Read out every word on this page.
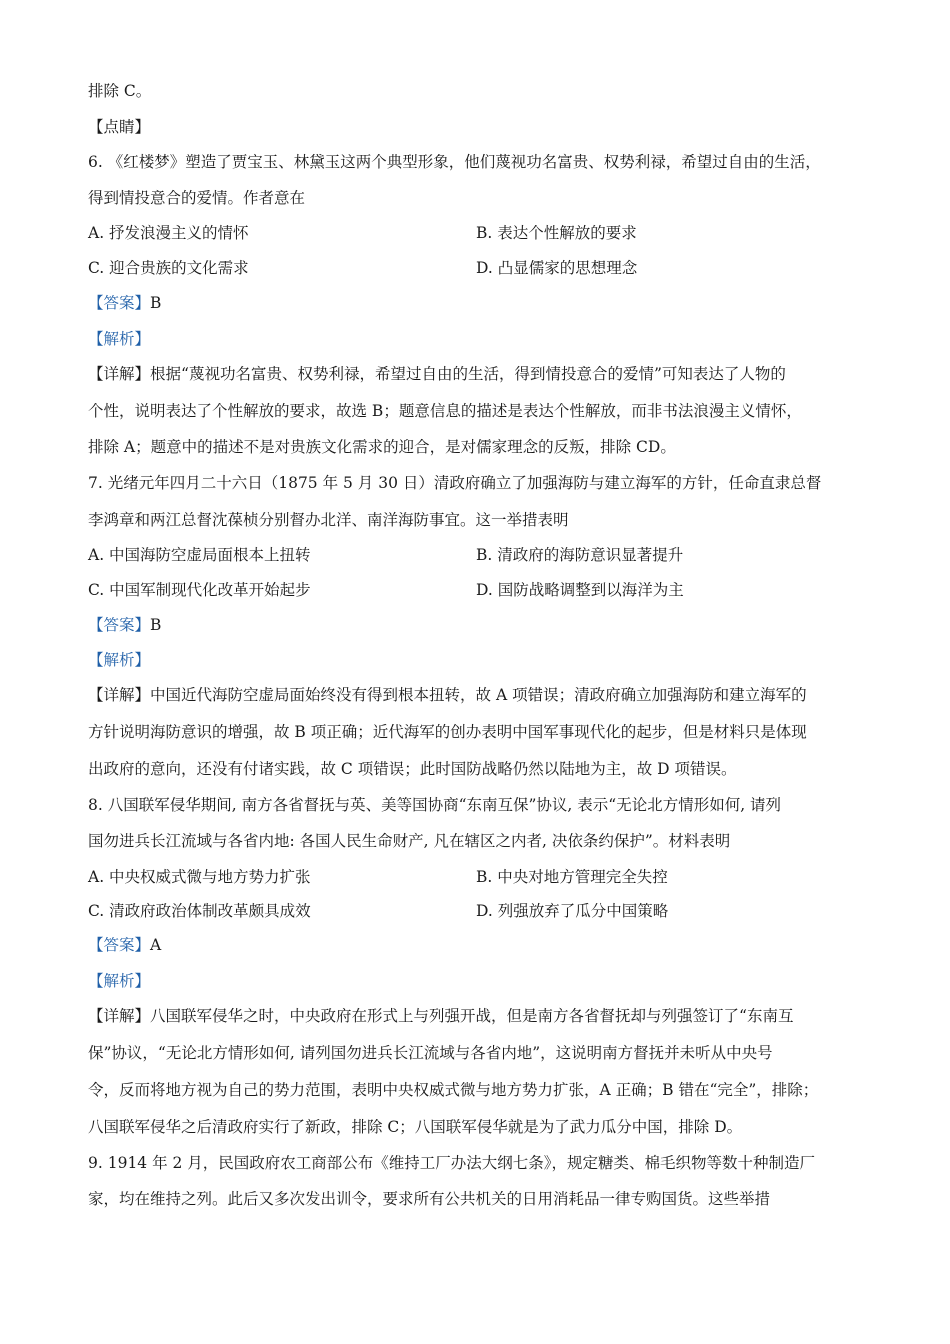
排除 C。
【点睛】
6. 《红楼梦》塑造了贾宝玉、林黛玉这两个典型形象，他们蔑视功名富贵、权势利禄，希望过自由的生活，
得到情投意合的爱情。作者意在
A. 抒发浪漫主义的情怀	B. 表达个性解放的要求
C. 迎合贵族的文化需求	D. 凸显儒家的思想理念
【答案】B
【解析】
【详解】根据“蔑视功名富贵、权势利禄，希望过自由的生活，得到情投意合的爱情”可知表达了人物的
个性，说明表达了个性解放的要求，故选 B；题意信息的描述是表达个性解放，而非书法浪漫主义情怀，
排除 A；题意中的描述不是对贵族文化需求的迎合，是对儒家理念的反叛，排除 CD。
7. 光绪元年四月二十六日（1875 年 5 月 30 日）清政府确立了加强海防与建立海军的方针，任命直隶总督
李鸿章和两江总督沈葆桢分别督办北洋、南洋海防事宜。这一举措表明
A. 中国海防空虚局面根本上扭转	B. 清政府的海防意识显著提升
C. 中国军制现代化改革开始起步	D. 国防战略调整到以海洋为主
【答案】B
【解析】
【详解】中国近代海防空虚局面始终没有得到根本扭转，故 A 项错误；清政府确立加强海防和建立海军的
方针说明海防意识的增强，故 B 项正确；近代海军的创办表明中国军事现代化的起步，但是材料只是体现
出政府的意向，还没有付诸实践，故 C 项错误；此时国防战略仍然以陆地为主，故 D 项错误。
8. 八国联军侵华期间, 南方各省督抚与英、美等国协商“东南互保”协议, 表示“无论北方情形如何, 请列
国勿进兵长江流域与各省内地: 各国人民生命财产, 凡在辖区之内者, 决依条约保护”。材料表明
A. 中央权威式微与地方势力扩张	B. 中央对地方管理完全失控
C. 清政府政治体制改革颇具成效	D. 列强放弃了瓜分中国策略
【答案】A
【解析】
【详解】八国联军侵华之时，中央政府在形式上与列强开战，但是南方各省督抚却与列强签订了“东南互
保”协议，“无论北方情形如何, 请列国勿进兵长江流域与各省内地”，这说明南方督抚并未听从中央号
令，反而将地方视为自己的势力范围，表明中央权威式微与地方势力扩张，A 正确；B 错在“完全”，排除；
八国联军侵华之后清政府实行了新政，排除 C；八国联军侵华就是为了武力瓜分中国，排除 D。
9. 1914 年 2 月，民国政府农工商部公布《维持工厂办法大纲七条》，规定糖类、棉毛织物等数十种制造厂
家，均在维持之列。此后又多次发出训令，要求所有公共机关的日用消耗品一律专购国货。这些举措
